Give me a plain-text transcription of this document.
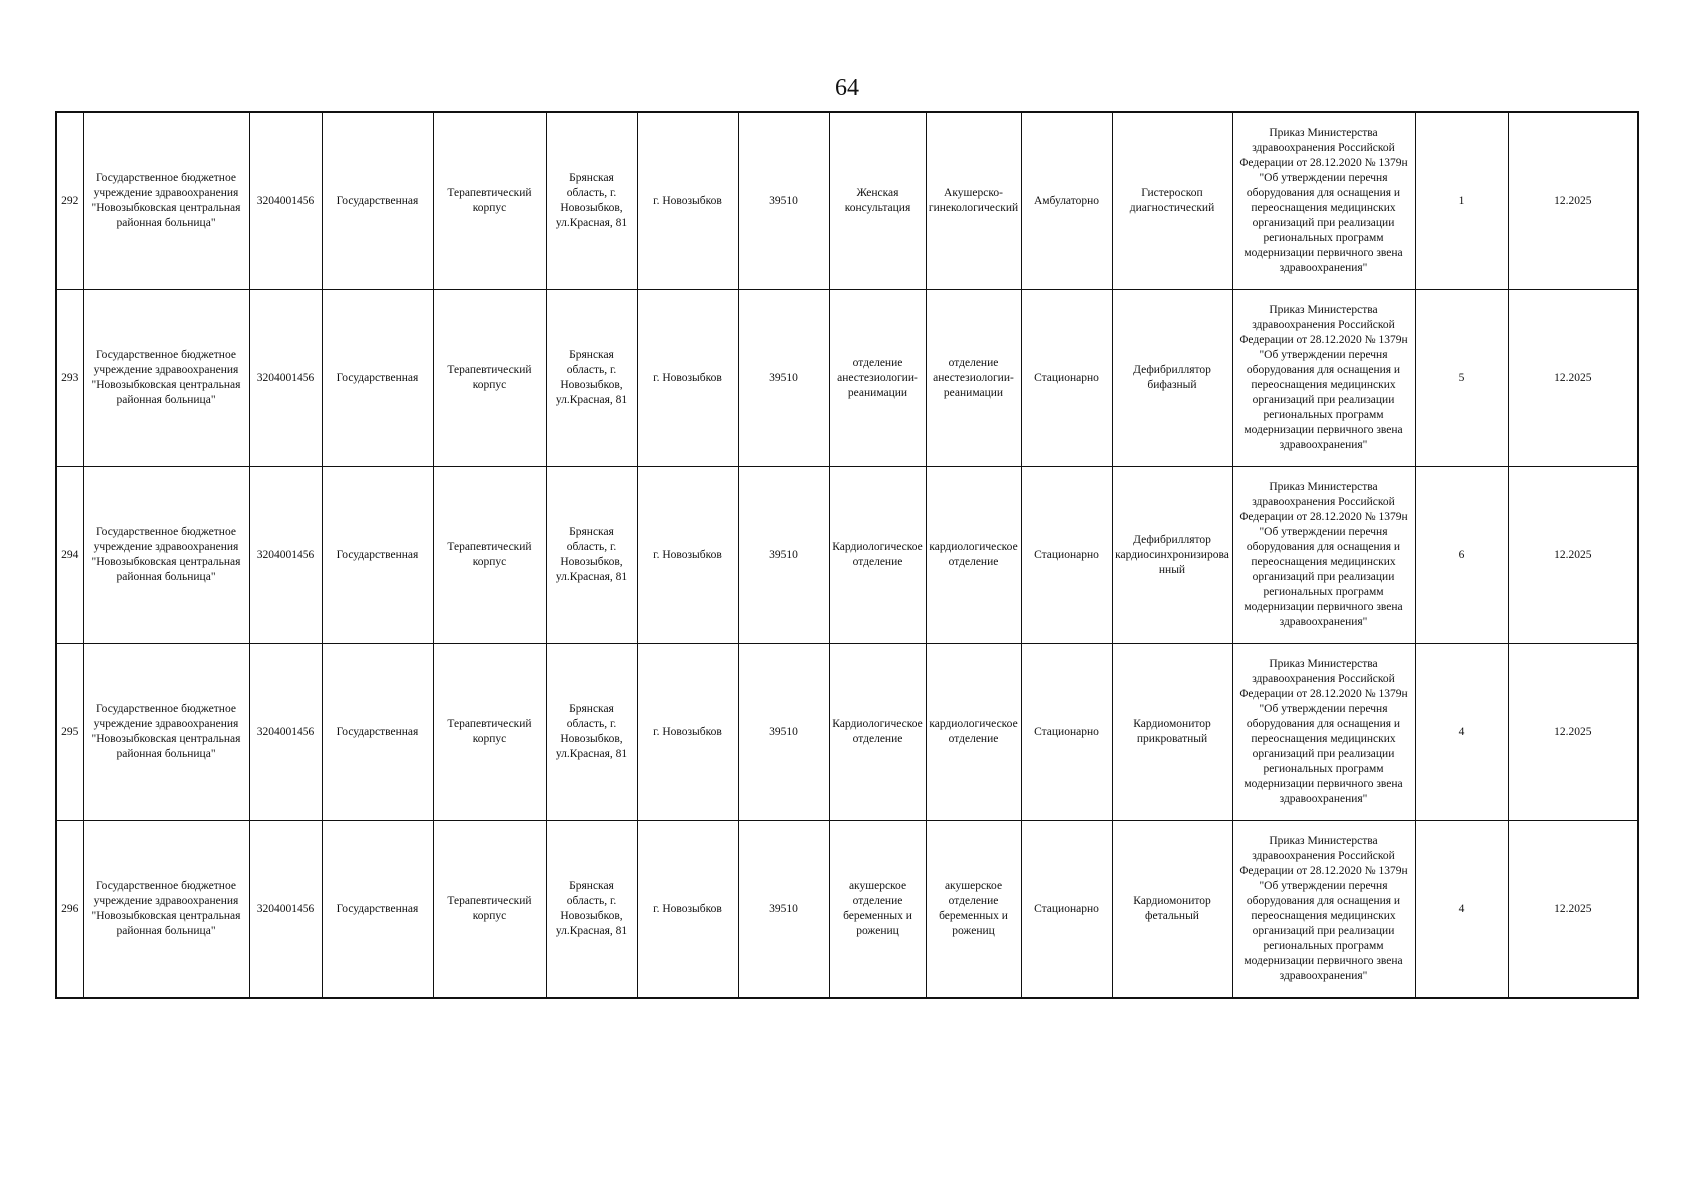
64
292	Государственное бюджетное учреждение здравоохранения "Новозыбковская центральная районная больница"	3204001456	Государственная	Терапевтический корпус	Брянская область, г. Новозыбков, ул.Красная, 81	г. Новозыбков	39510	Женская консультация	Акушерско-гинекологический	Амбулаторно	Гистероскоп диагностический	Приказ Министерства здравоохранения Российской Федерации от 28.12.2020 № 1379н "Об утверждении перечня оборудования для оснащения и переоснащения медицинских организаций при реализации региональных программ модернизации первичного звена здравоохранения"	1	12.2025
293	Государственное бюджетное учреждение здравоохранения "Новозыбковская центральная районная больница"	3204001456	Государственная	Терапевтический корпус	Брянская область, г. Новозыбков, ул.Красная, 81	г. Новозыбков	39510	отделение анестезиологии-реанимации	отделение анестезиологии-реанимации	Стационарно	Дефибриллятор бифазный	Приказ Министерства здравоохранения Российской Федерации от 28.12.2020 № 1379н "Об утверждении перечня оборудования для оснащения и переоснащения медицинских организаций при реализации региональных программ модернизации первичного звена здравоохранения"	5	12.2025
294	Государственное бюджетное учреждение здравоохранения "Новозыбковская центральная районная больница"	3204001456	Государственная	Терапевтический корпус	Брянская область, г. Новозыбков, ул.Красная, 81	г. Новозыбков	39510	Кардиологическое отделение	кардиологическое отделение	Стационарно	Дефибриллятор кардиосинхронизированный	Приказ Министерства здравоохранения Российской Федерации от 28.12.2020 № 1379н "Об утверждении перечня оборудования для оснащения и переоснащения медицинских организаций при реализации региональных программ модернизации первичного звена здравоохранения"	6	12.2025
295	Государственное бюджетное учреждение здравоохранения "Новозыбковская центральная районная больница"	3204001456	Государственная	Терапевтический корпус	Брянская область, г. Новозыбков, ул.Красная, 81	г. Новозыбков	39510	Кардиологическое отделение	кардиологическое отделение	Стационарно	Кардиомонитор прикроватный	Приказ Министерства здравоохранения Российской Федерации от 28.12.2020 № 1379н "Об утверждении перечня оборудования для оснащения и переоснащения медицинских организаций при реализации региональных программ модернизации первичного звена здравоохранения"	4	12.2025
296	Государственное бюджетное учреждение здравоохранения "Новозыбковская центральная районная больница"	3204001456	Государственная	Терапевтический корпус	Брянская область, г. Новозыбков, ул.Красная, 81	г. Новозыбков	39510	акушерское отделение беременных и рожениц	акушерское отделение беременных и рожениц	Стационарно	Кардиомонитор фетальный	Приказ Министерства здравоохранения Российской Федерации от 28.12.2020 № 1379н "Об утверждении перечня оборудования для оснащения и переоснащения медицинских организаций при реализации региональных программ модернизации первичного звена здравоохранения"	4	12.2025
